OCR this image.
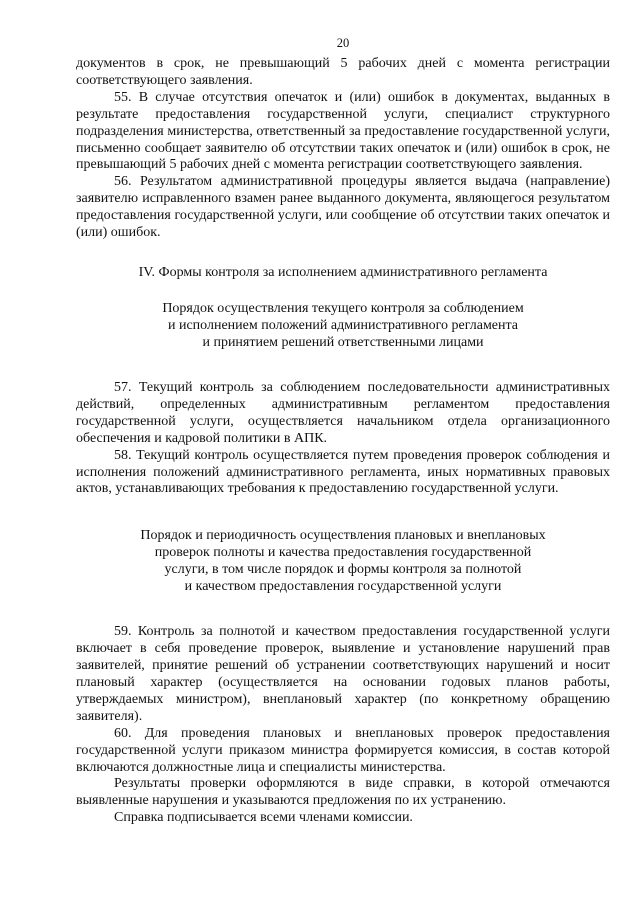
20

документов в срок, не превышающий 5 рабочих дней с момента регистрации соответствующего заявления.

55. В случае отсутствия опечаток и (или) ошибок в документах, выданных в результате предоставления государственной услуги, специалист структурного подразделения министерства, ответственный за предоставление государственной услуги, письменно сообщает заявителю об отсутствии таких опечаток и (или) ошибок в срок, не превышающий 5 рабочих дней с момента регистрации соответствующего заявления.

56. Результатом административной процедуры является выдача (направление) заявителю исправленного взамен ранее выданного документа, являющегося результатом предоставления государственной услуги, или сообщение об отсутствии таких опечаток и (или) ошибок.

IV. Формы контроля за исполнением административного регламента
Порядок осуществления текущего контроля за соблюдением
и исполнением положений административного регламента
и принятием решений ответственными лицами

57. Текущий контроль за соблюдением последовательности административных действий, определенных административным регламентом предоставления государственной услуги, осуществляется начальником отдела организационного обеспечения и кадровой политики в АПК.

58. Текущий контроль осуществляется путем проведения проверок соблюдения и исполнения положений административного регламента, иных нормативных правовых актов, устанавливающих требования к предоставлению государственной услуги.

Порядок и периодичность осуществления плановых и внеплановых
проверок полноты и качества предоставления государственной
услуги, в том числе порядок и формы контроля за полнотой
и качеством предоставления государственной услуги

59. Контроль за полнотой и качеством предоставления государственной услуги включает в себя проведение проверок, выявление и установление нарушений прав заявителей, принятие решений об устранении соответствующих нарушений и носит плановый характер (осуществляется на основании годовых планов работы, утверждаемых министром), внеплановый характер (по конкретному обращению заявителя).

60. Для проведения плановых и внеплановых проверок предоставления государственной услуги приказом министра формируется комиссия, в состав которой включаются должностные лица и специалисты министерства.

Результаты проверки оформляются в виде справки, в которой отмечаются выявленные нарушения и указываются предложения по их устранению.

Справка подписывается всеми членами комиссии.
